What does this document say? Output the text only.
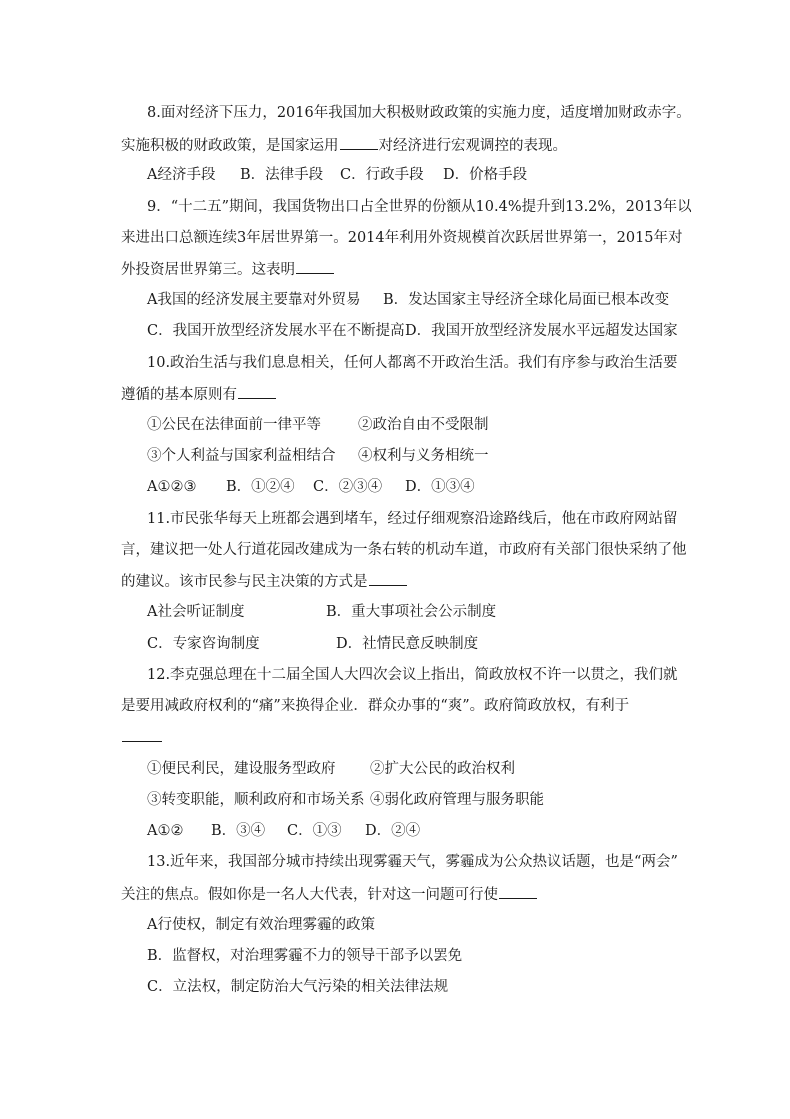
8.面对经济下压力，2016年我国加大积极财政政策的实施力度，适度增加财政赤字。
实施积极的财政政策，是国家运用	对经济进行宏观调控的表现。
A经济手段 B．法律手段 C．行政手段 D．价格手段
9．“十二五”期间，我国货物出口占全世界的份额从10.4%提升到13.2%，2013年以
来进出口总额连续3年居世界第一。2014年利用外资规模首次跃居世界第一，2015年对
外投资居世界第三。这表明
A我国的经济发展主要靠对外贸易 B．发达国家主导经济全球化局面已根本改变
C．我国开放型经济发展水平在不断提高 D．我国开放型经济发展水平远超发达国家
10.政治生活与我们息息相关，任何人都离不开政治生活。我们有序参与政治生活要
遵循的基本原则有
①公民在法律面前一律平等	②政治自由不受限制
③个人利益与国家利益相结合 ④权利与义务相统一
A①②③ B．①②④ C．②③④ D．①③④
11.市民张华每天上班都会遇到堵车，经过仔细观察沿途路线后，他在市政府网站留
言，建议把一处人行道花园改建成为一条右转的机动车道，市政府有关部门很快采纳了他
的建议。该市民参与民主决策的方式是
A社会听证制度	B．重大事项社会公示制度
C．专家咨询制度	D．社情民意反映制度
12.李克强总理在十二届全国人大四次会议上指出，简政放权不许一以贯之，我们就
是要用减政府权利的“痛”来换得企业．群众办事的“爽”。政府简政放权，有利于
①便民利民，建设服务型政府 ②扩大公民的政治权利
③转变职能，顺利政府和市场关系 ④弱化政府管理与服务职能
A①② B．③④ C．①③ D．②④
13.近年来，我国部分城市持续出现雾霾天气，雾霾成为公众热议话题，也是“两会”
关注的焦点。假如你是一名人大代表，针对这一问题可行使
A行使权，制定有效治理雾霾的政策
B．监督权，对治理雾霾不力的领导干部予以罢免
C．立法权，制定防治大气污染的相关法律法规
